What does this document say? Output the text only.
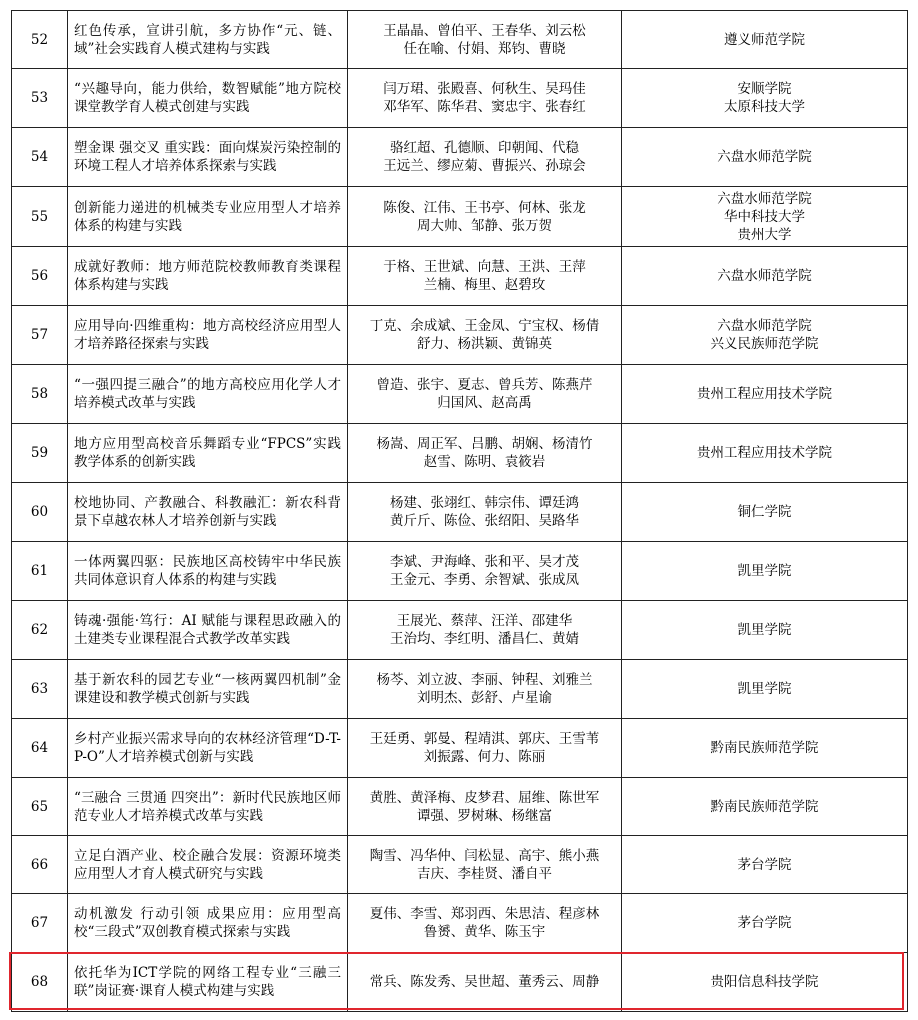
52	红色传承，宣讲引航，多方协作“元、链、域”社会实践育人模式建构与实践	王晶晶、曾伯平、王春华、刘云松
任在喻、付娟、郑钧、曹晓	遵义师范学院

53	“兴趣导向，能力供给，数智赋能”地方院校课堂教学育人模式创建与实践	闫万珺、张殿喜、何秋生、吴玛佳
邓华军、陈华君、窦忠宇、张春红	安顺学院
太原科技大学

54	塑金课 强交叉 重实践：面向煤炭污染控制的环境工程人才培养体系探索与实践	骆红超、孔德顺、印朝闻、代稳
王远兰、缪应菊、曹振兴、孙琼会	六盘水师范学院

55	创新能力递进的机械类专业应用型人才培养体系的构建与实践	陈俊、江伟、王书亭、何林、张龙
周大帅、邹静、张万贺	六盘水师范学院
华中科技大学
贵州大学

56	成就好教师：地方师范院校教师教育类课程体系构建与实践	于格、王世斌、向慧、王洪、王萍
兰楠、梅里、赵碧玫	六盘水师范学院

57	应用导向·四维重构：地方高校经济应用型人才培养路径探索与实践	丁克、余成斌、王金凤、宁宝权、杨倩
舒力、杨洪颖、黄锦英	六盘水师范学院
兴义民族师范学院

58	“一强四提三融合”的地方高校应用化学人才培养模式改革与实践	曾造、张宇、夏志、曾兵芳、陈燕芹
归国风、赵高禹	贵州工程应用技术学院

59	地方应用型高校音乐舞蹈专业“FPCS”实践教学体系的创新实践	杨嵩、周正军、吕鹏、胡娴、杨清竹
赵雪、陈明、袁筱岩	贵州工程应用技术学院

60	校地协同、产教融合、科教融汇：新农科背景下卓越农林人才培养创新与实践	杨建、张翊红、韩宗伟、谭廷鸿
黄斤斤、陈俭、张绍阳、吴路华	铜仁学院

61	一体两翼四驱：民族地区高校铸牢中华民族共同体意识育人体系的构建与实践	李斌、尹海峰、张和平、吴才茂
王金元、李勇、余智斌、张成凤	凯里学院

62	铸魂·强能·笃行：AI 赋能与课程思政融入的土建类专业课程混合式教学改革实践	王展光、蔡萍、汪洋、邵建华
王治均、李红明、潘昌仁、黄婧	凯里学院

63	基于新农科的园艺专业“一核两翼四机制”金课建设和教学模式创新与实践	杨芩、刘立波、李丽、钟程、刘雅兰
刘明杰、彭舒、卢星谕	凯里学院

64	乡村产业振兴需求导向的农林经济管理“D-T-P-O”人才培养模式创新与实践	王廷勇、郭曼、程靖淇、郭庆、王雪苇
刘振露、何力、陈丽	黔南民族师范学院

65	“三融合 三贯通 四突出”：新时代民族地区师范专业人才培养模式改革与实践	黄胜、黄泽梅、皮梦君、屈维、陈世军
谭强、罗树琳、杨继富	黔南民族师范学院

66	立足白酒产业、校企融合发展：资源环境类应用型人才育人模式研究与实践	陶雪、冯华仲、闫松显、高宇、熊小燕
吉庆、李桂贤、潘自平	茅台学院

67	动机激发 行动引领 成果应用：应用型高校“三段式”双创教育模式探索与实践	夏伟、李雪、郑羽西、朱思洁、程彦林
鲁赟、黄华、陈玉宇	茅台学院

68	依托华为ICT学院的网络工程专业“三融三联”岗证赛·课育人模式构建与实践	常兵、陈发秀、吴世超、董秀云、周静	贵阳信息科技学院
